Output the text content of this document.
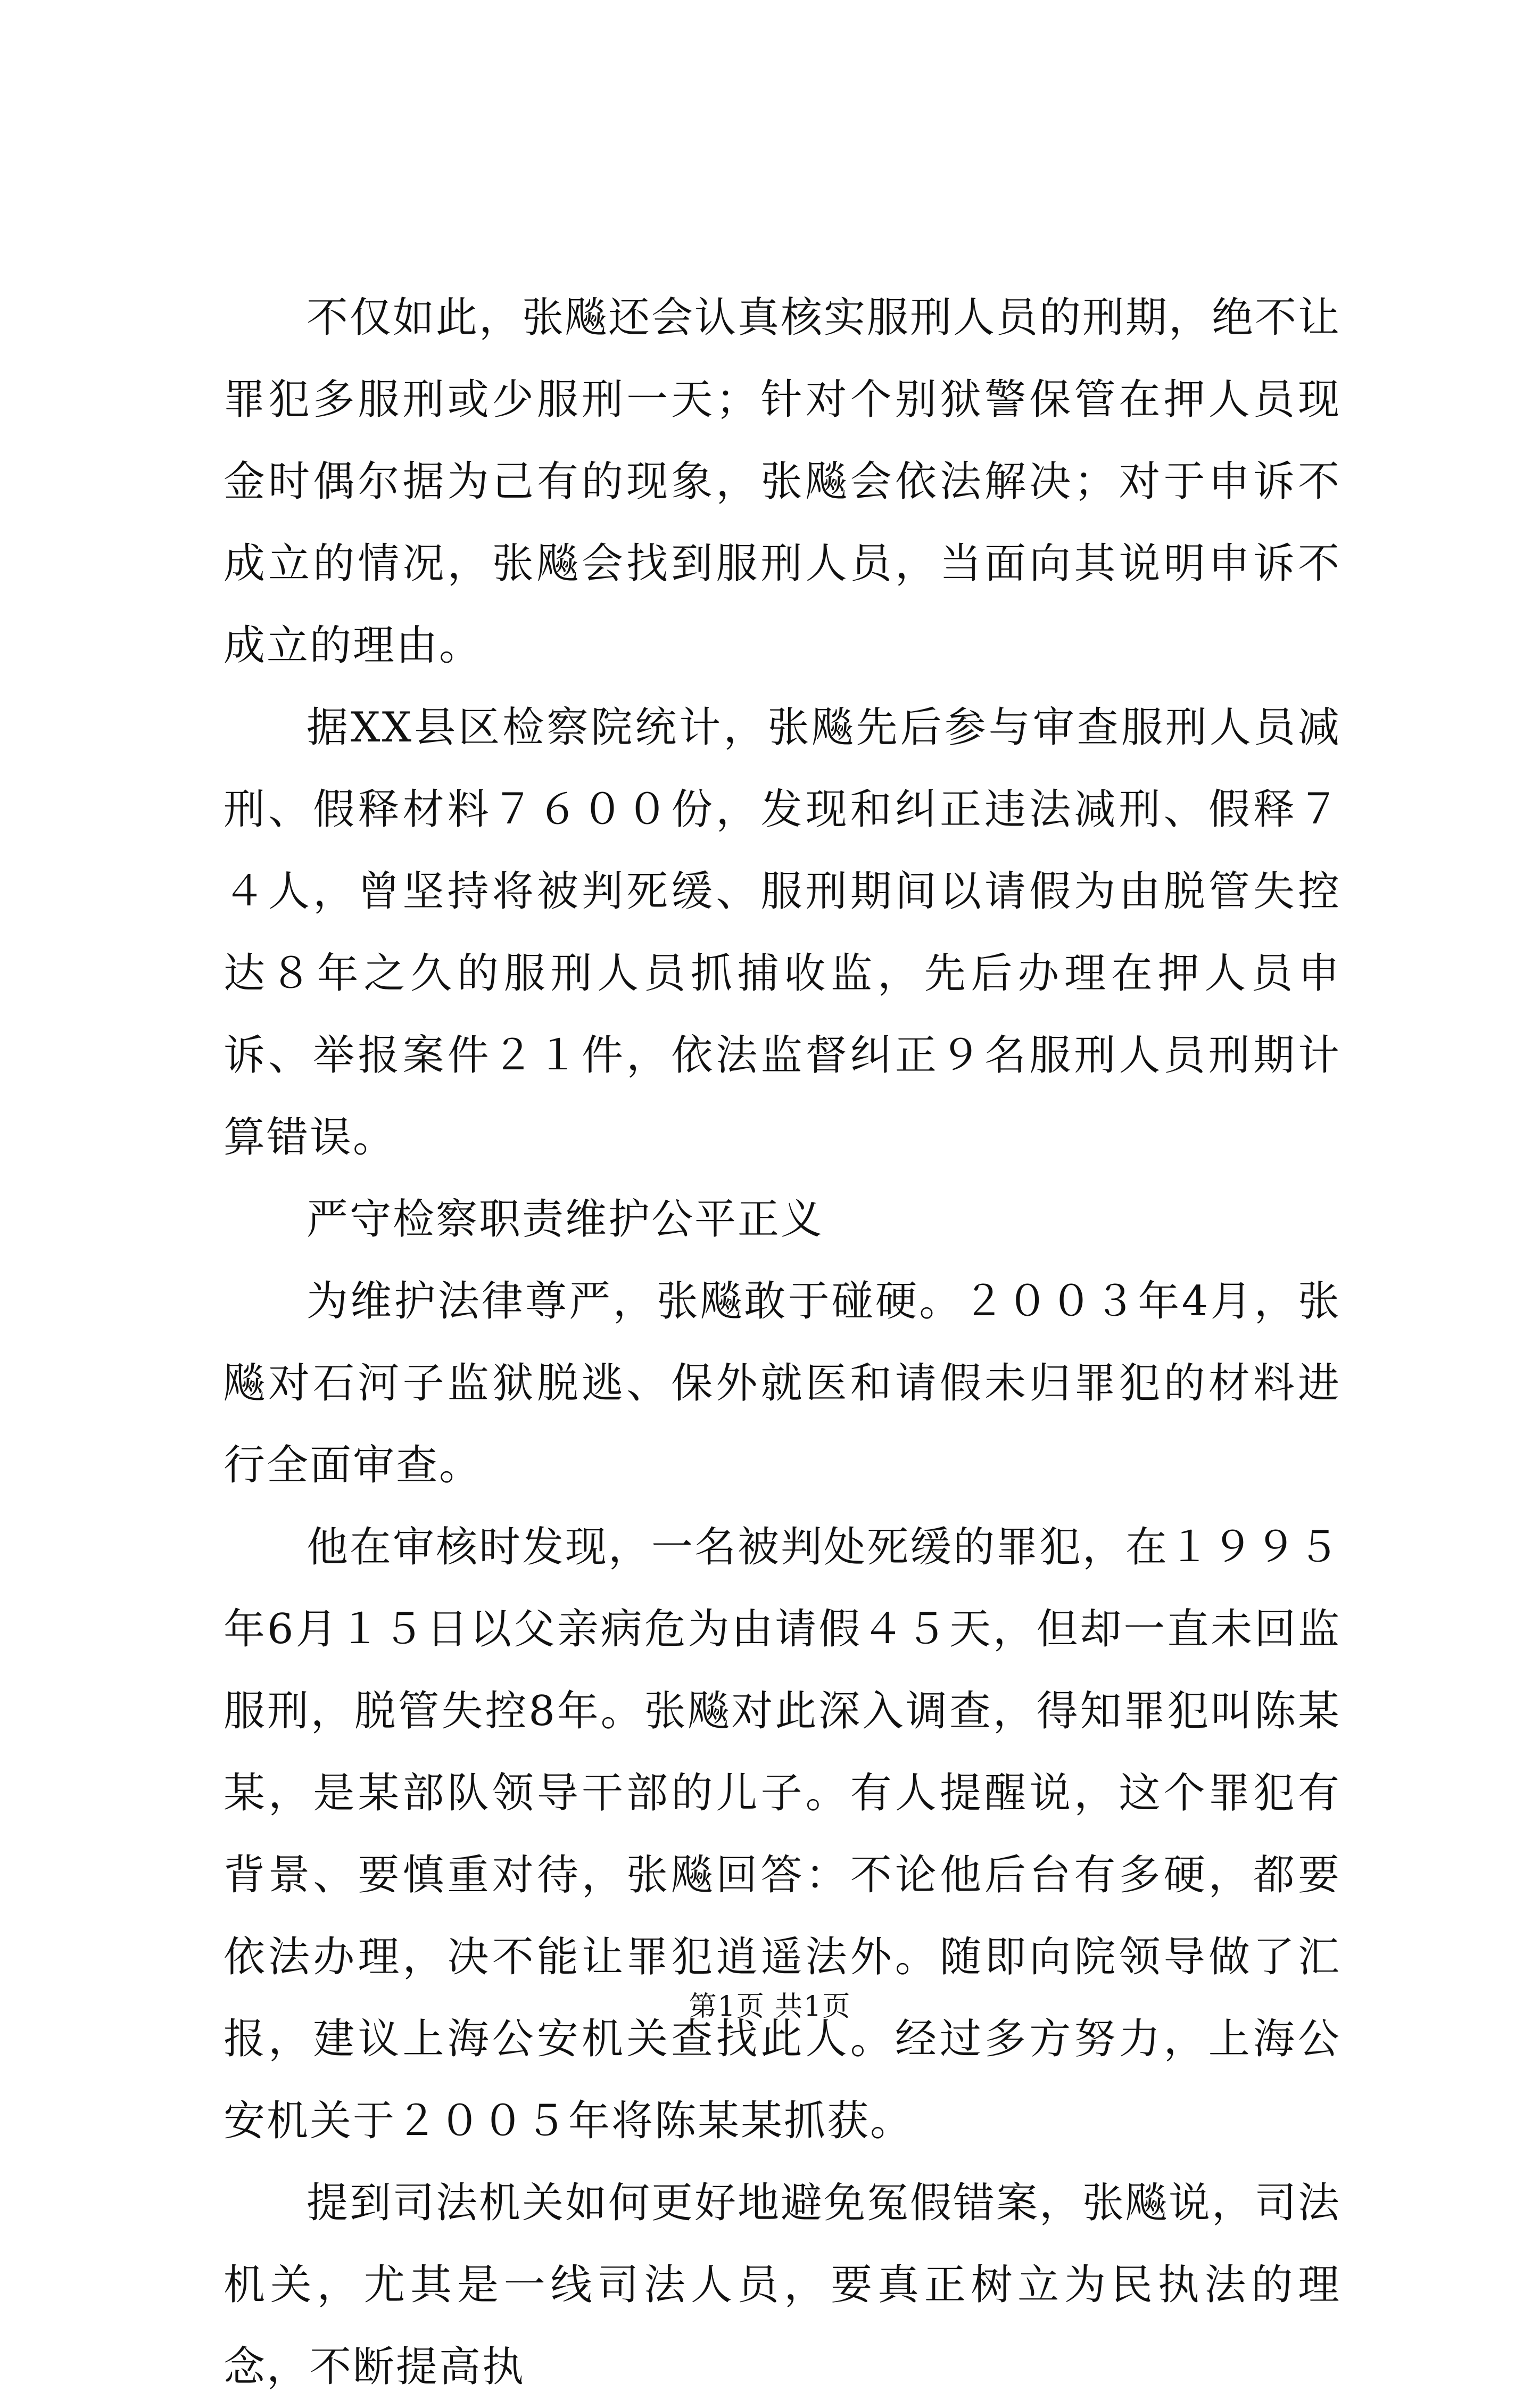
不仅如此，张飚还会认真核实服刑人员的刑期，绝不让罪犯多服刑或少服刑一天；针对个别狱警保管在押人员现金时偶尔据为己有的现象，张飚会依法解决；对于申诉不成立的情况，张飚会找到服刑人员，当面向其说明申诉不成立的理由。

据XX县区检察院统计，张飚先后参与审查服刑人员减刑、假释材料７６００份，发现和纠正违法减刑、假释７４人，曾坚持将被判死缓、服刑期间以请假为由脱管失控达８年之久的服刑人员抓捕收监，先后办理在押人员申诉、举报案件２１件，依法监督纠正９名服刑人员刑期计算错误。

严守检察职责维护公平正义

为维护法律尊严，张飚敢于碰硬。２００３年4月，张飚对石河子监狱脱逃、保外就医和请假未归罪犯的材料进行全面审查。

他在审核时发现，一名被判处死缓的罪犯，在１９９５年6月１５日以父亲病危为由请假４５天，但却一直未回监服刑，脱管失控8年。张飚对此深入调查，得知罪犯叫陈某某，是某部队领导干部的儿子。有人提醒说，这个罪犯有背景、要慎重对待，张飚回答：不论他后台有多硬，都要依法办理，决不能让罪犯逍遥法外。随即向院领导做了汇报，建议上海公安机关查找此人。经过多方努力，上海公安机关于２００５年将陈某某抓获。

提到司法机关如何更好地避免冤假错案，张飚说，司法机关，尤其是一线司法人员，要真正树立为民执法的理念，不断提高执

第1页 共1页
